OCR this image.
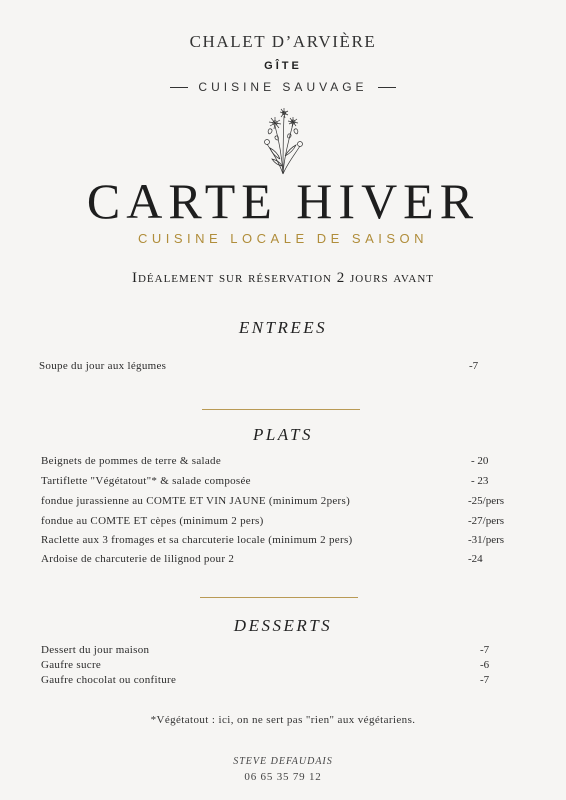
CHALET D’ARVIÈRE
GÎTE
CUISINE SAUVAGE
CARTE HIVER
CUISINE LOCALE DE SAISON
Idéalement sur réservation 2 jours avant
ENTREES
Soupe du jour aux légumes	-7
PLATS
Beignets de pommes de terre & salade	- 20
Tartiflette "Végétatout"* & salade composée	- 23
fondue jurassienne au COMTE ET VIN JAUNE (minimum 2pers)	-25/pers
fondue au COMTE ET cèpes (minimum 2 pers)	-27/pers
Raclette aux 3 fromages et sa charcuterie locale (minimum 2 pers)	-31/pers
Ardoise de charcuterie de lilignod pour 2	-24
DESSERTS
Dessert du jour maison	-7
Gaufre sucre	-6
Gaufre chocolat ou confiture	-7
*Végétatout : ici, on ne sert pas "rien" aux végétariens.
STEVE DEFAUDAIS
06 65 35 79 12
